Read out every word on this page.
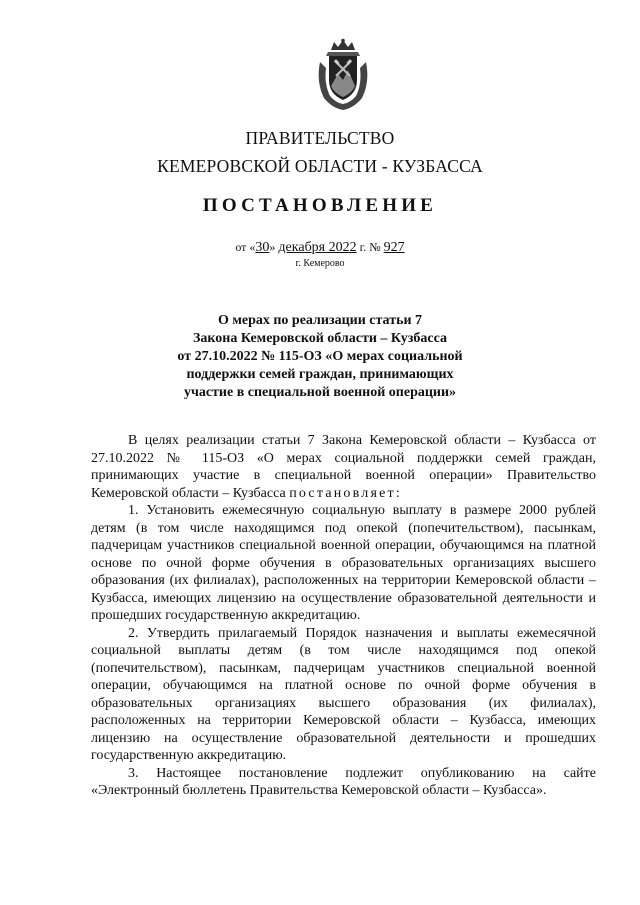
ПРАВИТЕЛЬСТВО
КЕМЕРОВСКОЙ ОБЛАСТИ - КУЗБАССА
ПОСТАНОВЛЕНИЕ
от «30» декабря 2022 г. № 927
г. Кемерово
О мерах по реализации статьи 7
Закона Кемеровской области – Кузбасса
от 27.10.2022 № 115-ОЗ «О мерах социальной
поддержки семей граждан, принимающих
участие в специальной военной операции»

В целях реализации статьи 7 Закона Кемеровской области – Кузбасса от 27.10.2022 № 115-ОЗ «О мерах социальной поддержки семей граждан, принимающих участие в специальной военной операции» Правительство Кемеровской области – Кузбасса постановляет:

1. Установить ежемесячную социальную выплату в размере 2000 рублей детям (в том числе находящимся под опекой (попечительством), пасынкам, падчерицам участников специальной военной операции, обучающимся на платной основе по очной форме обучения в образовательных организациях высшего образования (их филиалах), расположенных на территории Кемеровской области – Кузбасса, имеющих лицензию на осуществление образовательной деятельности и прошедших государственную аккредитацию.

2. Утвердить прилагаемый Порядок назначения и выплаты ежемесячной социальной выплаты детям (в том числе находящимся под опекой (попечительством), пасынкам, падчерицам участников специальной военной операции, обучающимся на платной основе по очной форме обучения в образовательных организациях высшего образования (их филиалах), расположенных на территории Кемеровской области – Кузбасса, имеющих лицензию на осуществление образовательной деятельности и прошедших государственную аккредитацию.

3. Настоящее постановление подлежит опубликованию на сайте «Электронный бюллетень Правительства Кемеровской области – Кузбасса».
